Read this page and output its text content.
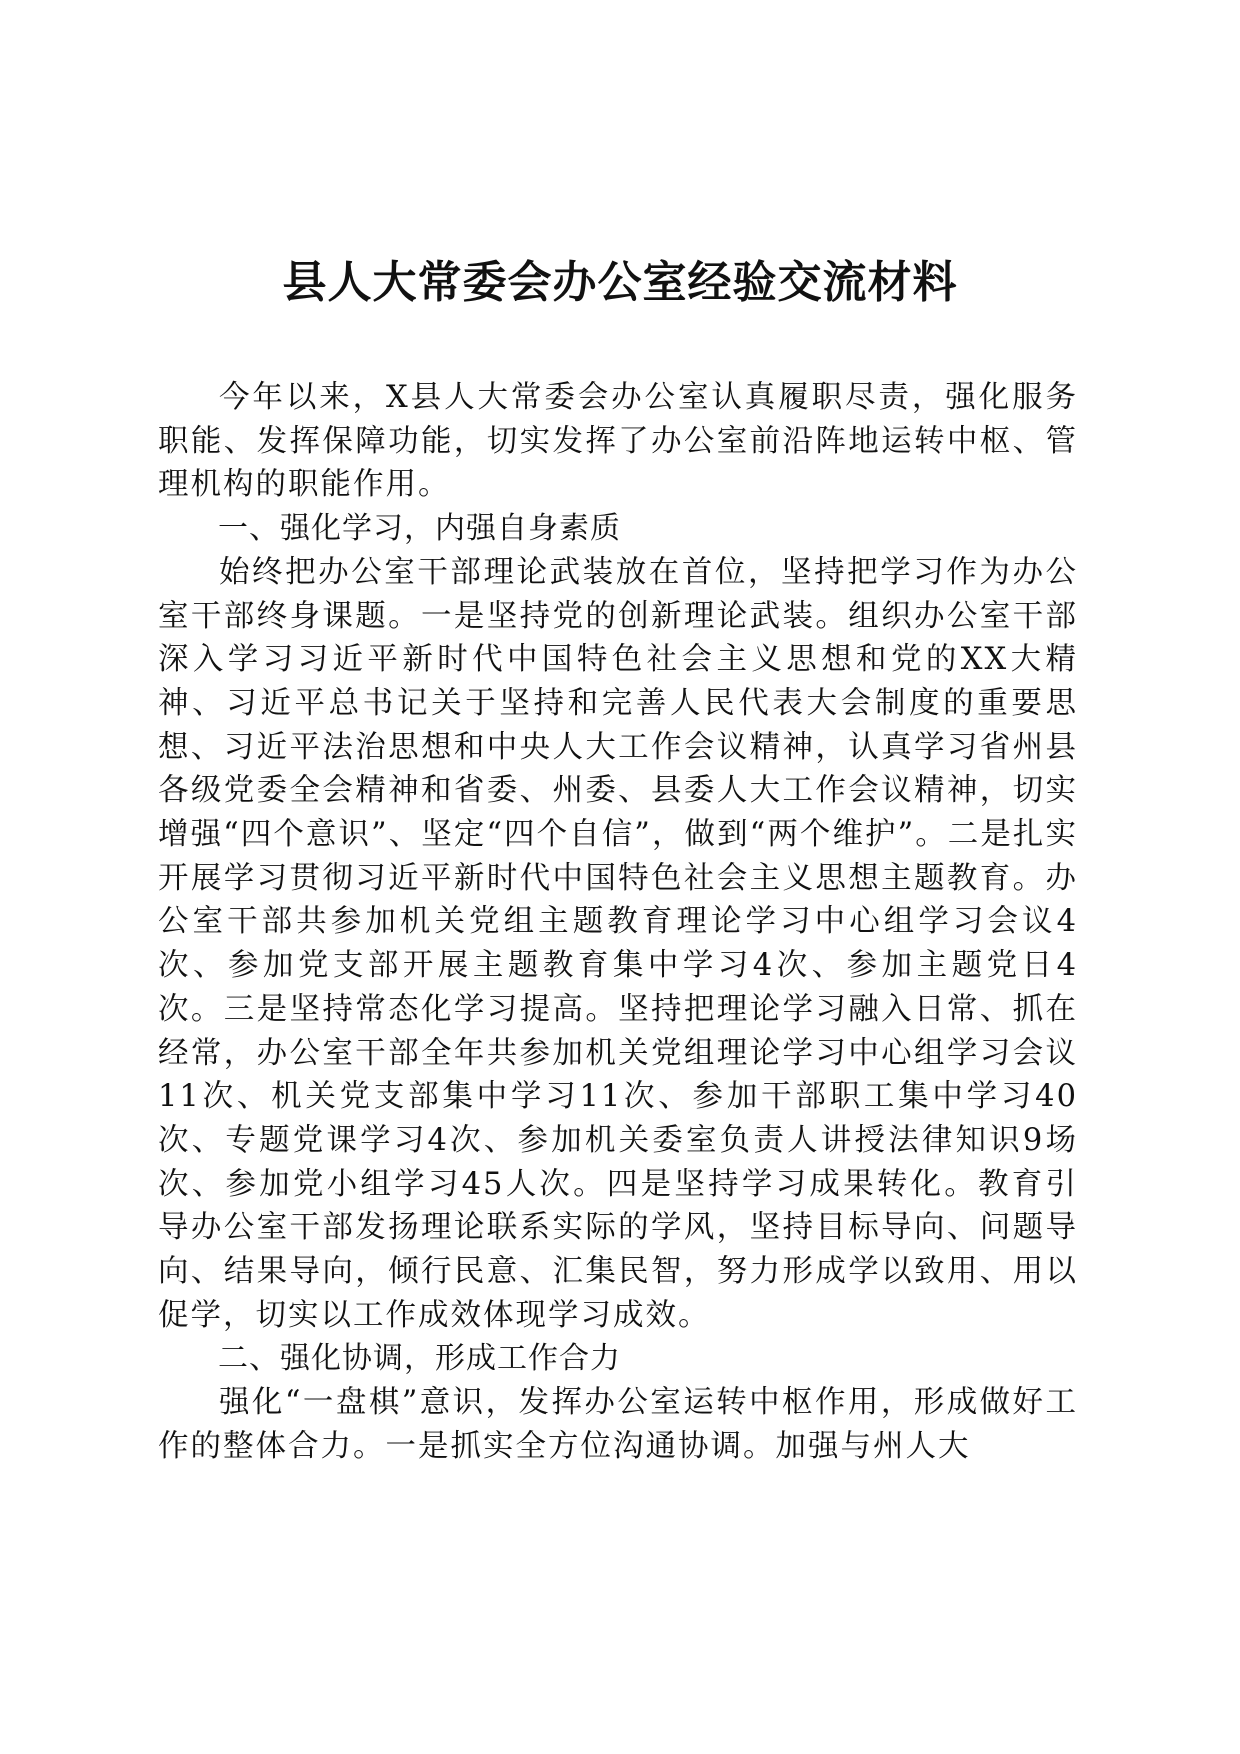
县人大常委会办公室经验交流材料

今年以来，X县人大常委会办公室认真履职尽责，强化服务职能、发挥保障功能，切实发挥了办公室前沿阵地运转中枢、管理机构的职能作用。

一、强化学习，内强自身素质

始终把办公室干部理论武装放在首位，坚持把学习作为办公室干部终身课题。一是坚持党的创新理论武装。组织办公室干部深入学习习近平新时代中国特色社会主义思想和党的XX大精神、习近平总书记关于坚持和完善人民代表大会制度的重要思想、习近平法治思想和中央人大工作会议精神，认真学习省州县各级党委全会精神和省委、州委、县委人大工作会议精神，切实增强“四个意识”、坚定“四个自信”，做到“两个维护”。二是扎实开展学习贯彻习近平新时代中国特色社会主义思想主题教育。办公室干部共参加机关党组主题教育理论学习中心组学习会议4次、参加党支部开展主题教育集中学习4次、参加主题党日4次。三是坚持常态化学习提高。坚持把理论学习融入日常、抓在经常，办公室干部全年共参加机关党组理论学习中心组学习会议11次、机关党支部集中学习11次、参加干部职工集中学习40次、专题党课学习4次、参加机关委室负责人讲授法律知识9场次、参加党小组学习45人次。四是坚持学习成果转化。教育引导办公室干部发扬理论联系实际的学风，坚持目标导向、问题导向、结果导向，倾行民意、汇集民智，努力形成学以致用、用以促学，切实以工作成效体现学习成效。

二、强化协调，形成工作合力

强化“一盘棋”意识，发挥办公室运转中枢作用，形成做好工作的整体合力。一是抓实全方位沟通协调。加强与州人大
